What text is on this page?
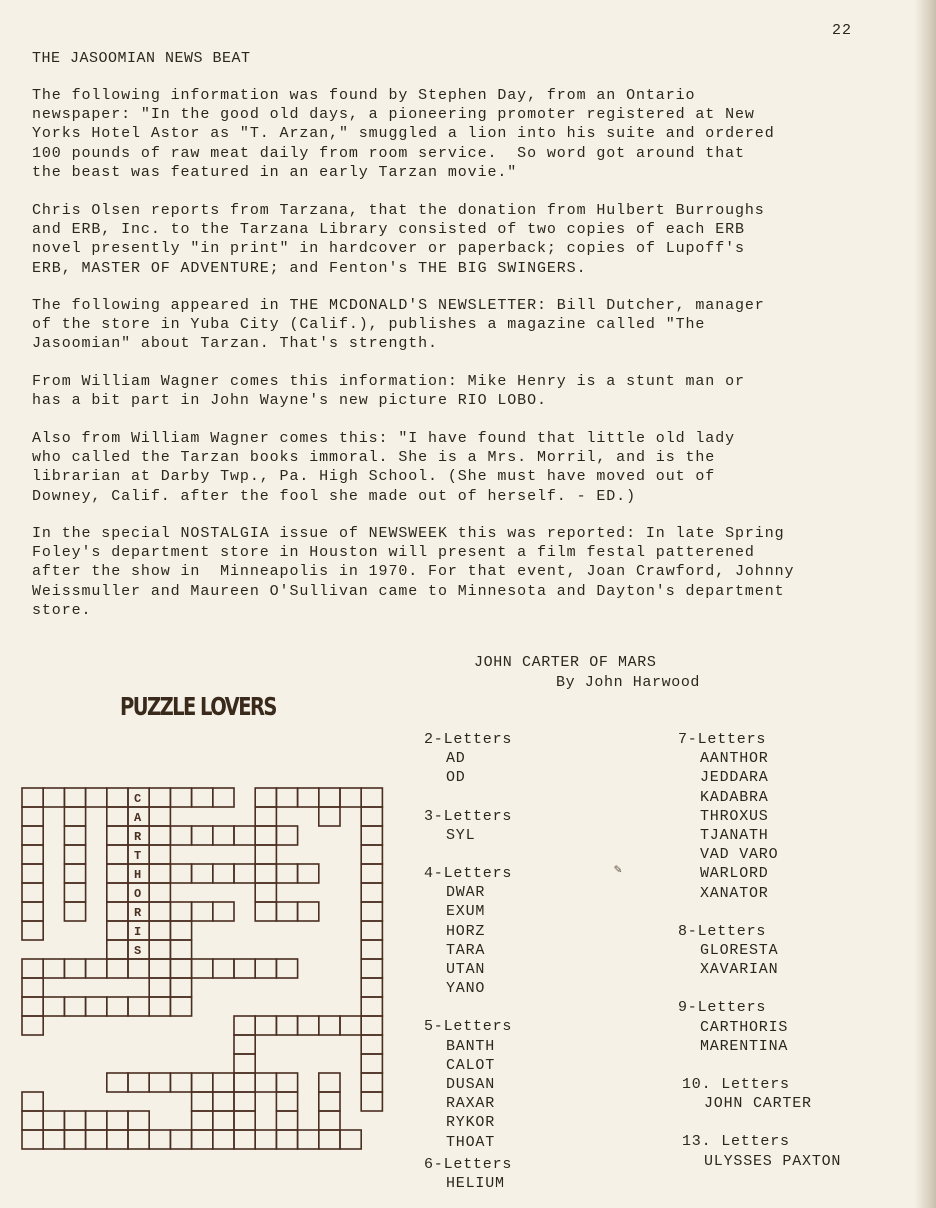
22
THE JASOOMIAN NEWS BEAT

The following information was found by Stephen Day, from an Ontario
newspaper: "In the good old days, a pioneering promoter registered at New
Yorks Hotel Astor as "T. Arzan," smuggled a lion into his suite and ordered
100 pounds of raw meat daily from room service.  So word got around that
the beast was featured in an early Tarzan movie."

Chris Olsen reports from Tarzana, that the donation from Hulbert Burroughs
and ERB, Inc. to the Tarzana Library consisted of two copies of each ERB
novel presently "in print" in hardcover or paperback; copies of Lupoff's
ERB, MASTER OF ADVENTURE; and Fenton's THE BIG SWINGERS.

The following appeared in THE MCDONALD'S NEWSLETTER: Bill Dutcher, manager
of the store in Yuba City (Calif.), publishes a magazine called "The
Jasoomian" about Tarzan. That's strength.

From William Wagner comes this information: Mike Henry is a stunt man or
has a bit part in John Wayne's new picture RIO LOBO.

Also from William Wagner comes this: "I have found that little old lady
who called the Tarzan books immoral. She is a Mrs. Morril, and is the
librarian at Darby Twp., Pa. High School. (She must have moved out of
Downey, Calif. after the fool she made out of herself. - ED.)

In the special NOSTALGIA issue of NEWSWEEK this was reported: In late Spring
Foley's department store in Houston will present a film festal patterened
after the show in  Minneapolis in 1970. For that event, Joan Crawford, Johnny
Weissmuller and Maureen O'Sullivan came to Minnesota and Dayton's department
store.

JOHN CARTER OF MARS
By John Harwood
PUZZLE LOVERS
2-Letters
AD
OD
3-Letters
SYL
4-Letters
DWAR
EXUM
HORZ
TARA
UTAN
YANO
5-Letters
BANTH
CALOT
DUSAN
RAXAR
RYKOR
THOAT
6-Letters
HELIUM
7-Letters
AANTHOR
JEDDARA
KADABRA
THROXUS
TJANATH
VAD VARO
WARLORD
XANATOR
8-Letters
GLORESTA
XAVARIAN
9-Letters
CARTHORIS
MARENTINA
10. Letters
JOHN CARTER
13. Letters
ULYSSES PAXTON
✎
C
A
R
T
H
O
R
I
S
